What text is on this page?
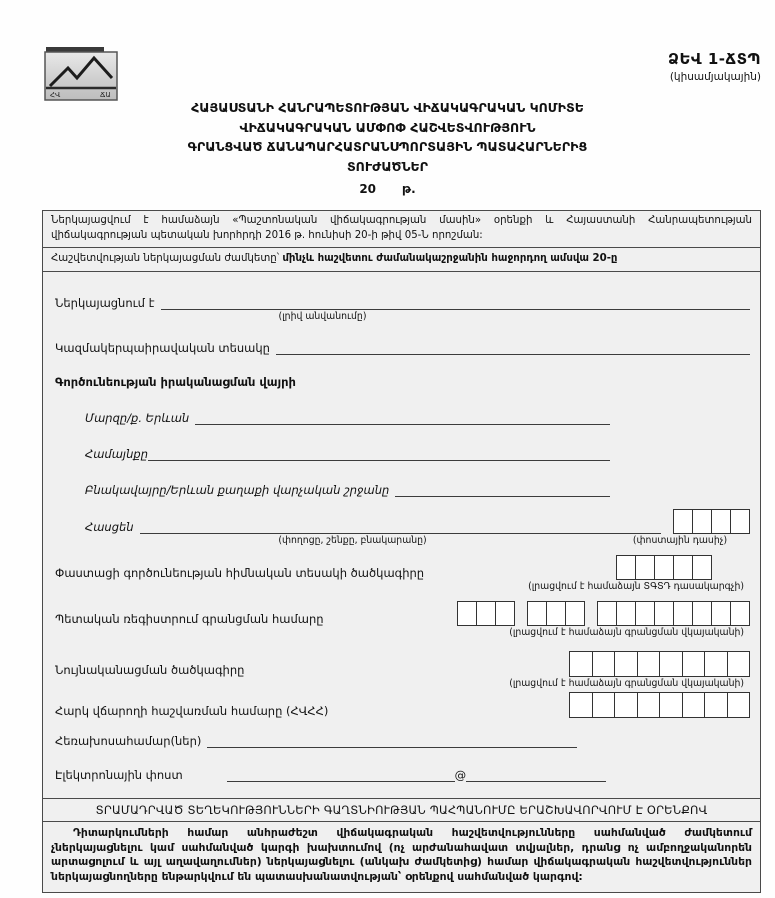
ՀՎ	ՃԱ
ՁԵՎ 1-ՃՏՊ
(կիսամյակային)
ՀԱՅԱՍՏԱՆԻ ՀԱՆՐԱՊԵՏՈՒԹՅԱՆ ՎԻՃԱԿԱԳՐԱԿԱՆ ԿՈՄԻՏԵ
ՎԻՃԱԿԱԳՐԱԿԱՆ ԱՄՓՈՓ ՀԱՇՎԵՏՎՈՒԹՅՈՒՆ
ԳՐԱՆՑՎԱԾ ՃԱՆԱՊԱՐՀԱՏՐԱՆՍՊՈՐՏԱՅԻՆ ՊԱՏԱՀԱՐՆԵՐԻՑ
ՏՈՒԺԱԾՆԵՐ
20 թ.
Ներկայացվում է համաձայն «Պաշտոնական վիճակագրության մասին» օրենքի և Հայաստանի Հանրապետության վիճակագրության պետական խորհրդի 2016 թ. հունիսի 20-ի թիվ 05-Ն որոշման:
Հաշվետվության ներկայացման ժամկետը՝ մինչև հաշվետու ժամանակաշրջանին հաջորդող ամսվա 20-ը
Ներկայացնում է
(լրիվ անվանումը)
Կազմակերպաիրավական տեսակը
Գործունեության իրականացման վայրի
Մարզը/ք. Երևան
Համայնքը
Բնակավայրը/Երևան քաղաքի վարչական շրջանը
Հասցեն
(փողոցը, շենքը, բնակարանը)	(փոստային դասիչ)
Փաստացի գործունեության հիմնական տեսակի ծածկագիրը
(լրացվում է համաձայն ՏԳՏԴ դասակարգչի)
Պետական ռեգիստրում գրանցման համարը
(լրացվում է համաձայն գրանցման վկայականի)
Նույնականացման ծածկագիրը
(լրացվում է համաձայն գրանցման վկայականի)
Հարկ վճարողի հաշվառման համարը (ՀՎՀՀ)
Հեռախոսահամար(ներ)
Էլեկտրոնային փոստ	@
ՏՐԱՄԱԴՐՎԱԾ ՏԵՂԵԿՈՒԹՅՈՒՆՆԵՐԻ ԳԱՂՏՆԻՈՒԹՅԱՆ ՊԱՀՊԱՆՈՒՄԸ ԵՐԱՇԽԱՎՈՐՎՈՒՄ Է ՕՐԵՆՔՈՎ
Դիտարկումների համար անհրաժեշտ վիճակագրական հաշվետվությունները սահմանված ժամկետում չներկայացնելու կամ սահմանված կարգի խախտումով (ոչ արժանահավատ տվյալներ, դրանց ոչ ամբողջականորեն արտացոլում և այլ աղավաղումներ) ներկայացնելու (անկախ ժամկետից) համար վիճակագրական հաշվետվություններ ներկայացնողները ենթարկվում են պատասխանատվության՝ օրենքով սահմանված կարգով:
